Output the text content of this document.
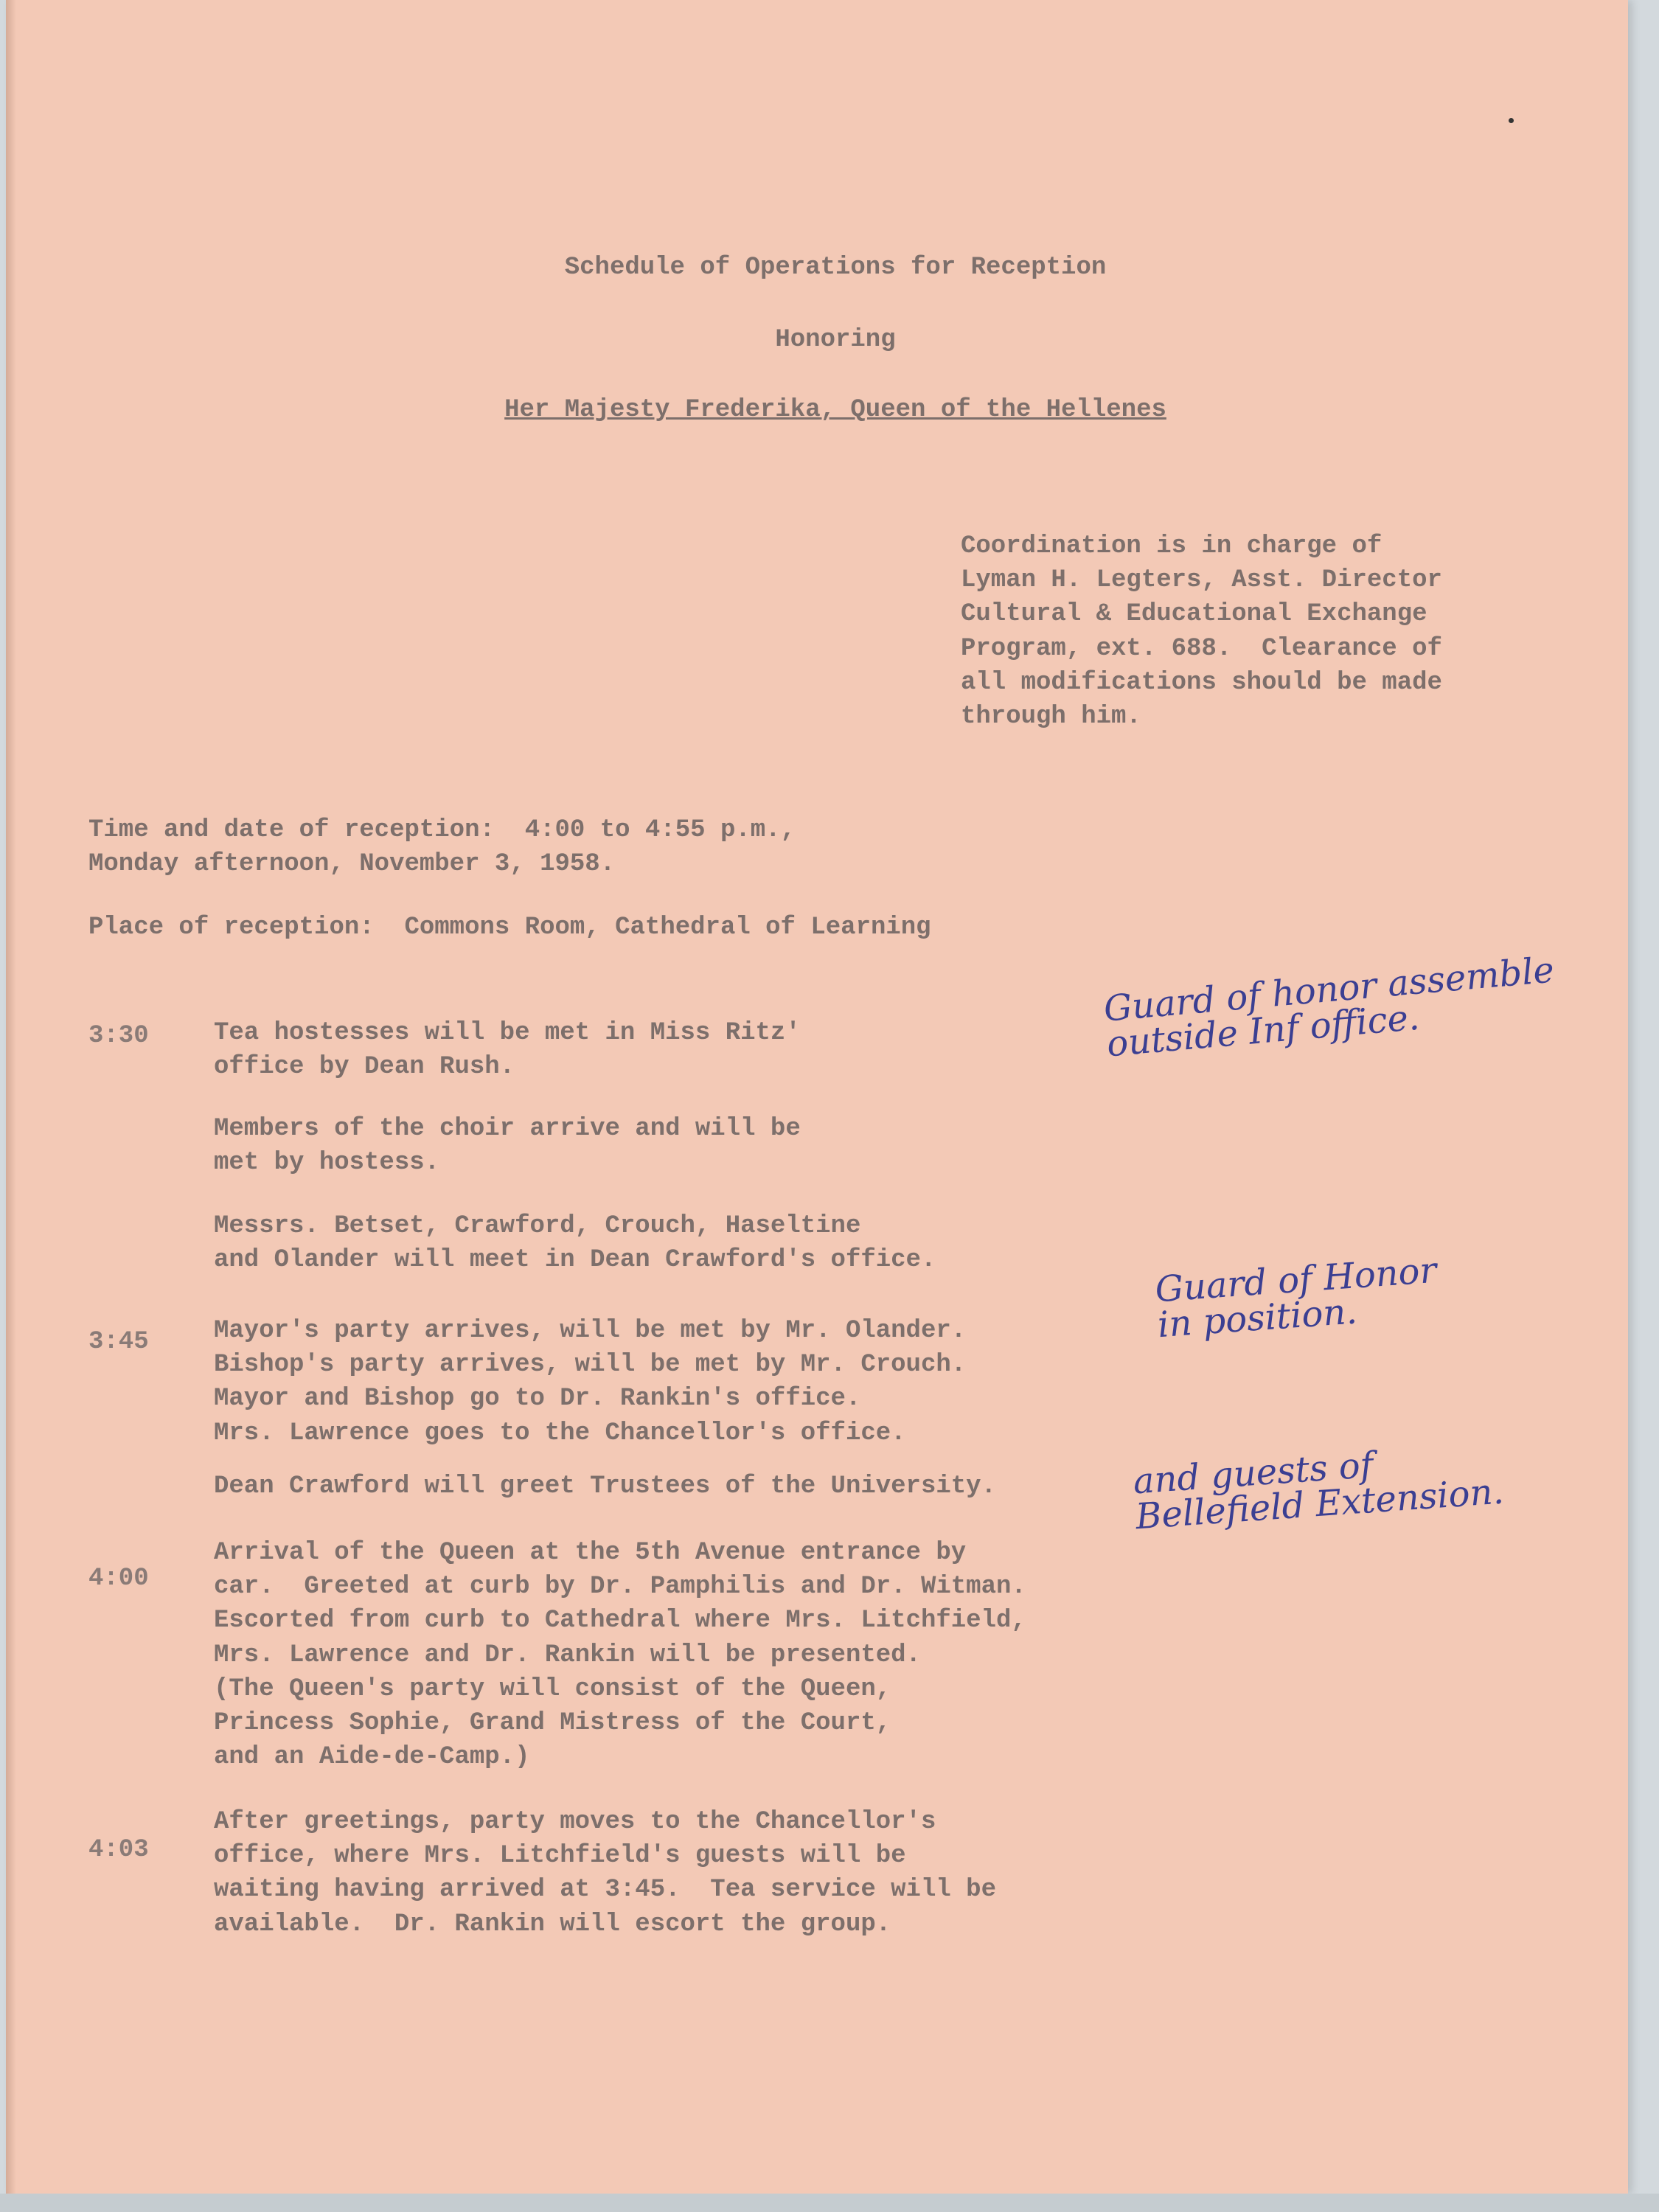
Schedule of Operations for Reception

Honoring

Her Majesty Frederika, Queen of the Hellenes

Coordination is in charge of
Lyman H. Legters, Asst. Director
Cultural & Educational Exchange
Program, ext. 688.  Clearance of
all modifications should be made
through him.

Time and date of reception:  4:00 to 4:55 p.m.,
Monday afternoon, November 3, 1958.

Place of reception:  Commons Room, Cathedral of Learning

3:30	Tea hostesses will be met in Miss Ritz'
office by Dean Rush.

Members of the choir arrive and will be
met by hostess.

Messrs. Betset, Crawford, Crouch, Haseltine
and Olander will meet in Dean Crawford's office.

3:45	Mayor's party arrives, will be met by Mr. Olander.
Bishop's party arrives, will be met by Mr. Crouch.
Mayor and Bishop go to Dr. Rankin's office.
Mrs. Lawrence goes to the Chancellor's office.

Dean Crawford will greet Trustees of the University.

4:00

Arrival of the Queen at the 5th Avenue entrance by
car.  Greeted at curb by Dr. Pamphilis and Dr. Witman.
Escorted from curb to Cathedral where Mrs. Litchfield,
Mrs. Lawrence and Dr. Rankin will be presented.
(The Queen's party will consist of the Queen,
Princess Sophie, Grand Mistress of the Court,
and an Aide-de-Camp.)

4:03

After greetings, party moves to the Chancellor's
office, where Mrs. Litchfield's guests will be
waiting having arrived at 3:45.  Tea service will be
available.  Dr. Rankin will escort the group.

Guard of honor assemble
outside Inf office.

Guard of Honor
in position.

and guests of
Bellefield Extension.
